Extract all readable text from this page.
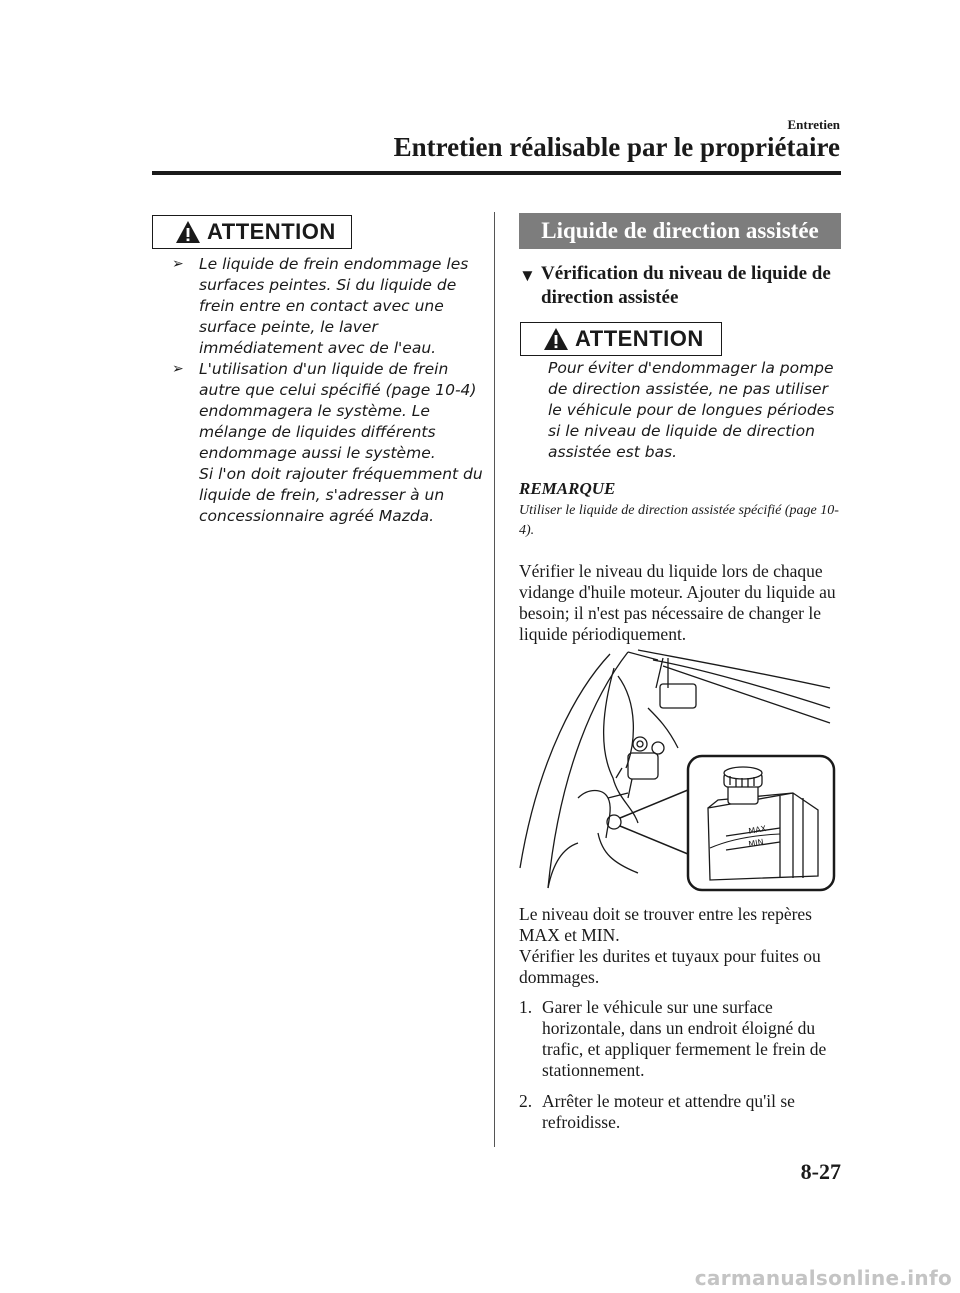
Entretien
Entretien réalisable par le propriétaire
ATTENTION
➢ Le liquide de frein endommage les surfaces peintes. Si du liquide de frein entre en contact avec une surface peinte, le laver immédiatement avec de l'eau.
➢ L'utilisation d'un liquide de frein autre que celui spécifié (page 10-4) endommagera le système. Le mélange de liquides différents endommage aussi le système.
Si l'on doit rajouter fréquemment du liquide de frein, s'adresser à un concessionnaire agréé Mazda.
Liquide de direction assistée
▼ Vérification du niveau de liquide de direction assistée
ATTENTION
Pour éviter d'endommager la pompe de direction assistée, ne pas utiliser le véhicule pour de longues périodes si le niveau de liquide de direction assistée est bas.
REMARQUE
Utiliser le liquide de direction assistée spécifié (page 10-4).
Vérifier le niveau du liquide lors de chaque vidange d'huile moteur. Ajouter du liquide au besoin; il n'est pas nécessaire de changer le liquide périodiquement.
MAX
MIN
Le niveau doit se trouver entre les repères MAX et MIN.
Vérifier les durites et tuyaux pour fuites ou dommages.
1. Garer le véhicule sur une surface horizontale, dans un endroit éloigné du trafic, et appliquer fermement le frein de stationnement.
2. Arrêter le moteur et attendre qu'il se refroidisse.
8-27
carmanualsonline.info
